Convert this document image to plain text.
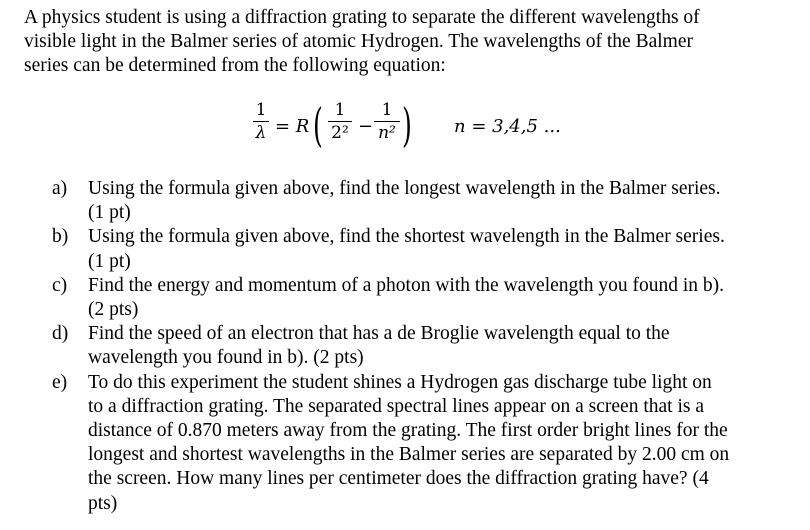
A physics student is using a diffraction grating to separate the different wavelengths of
visible light in the Balmer series of atomic Hydrogen. The wavelengths of the Balmer
series can be determined from the following equation:
1
λ = R ( 1
2² −
1
n² ) n = 3,4,5 ...
a) Using the formula given above, find the longest wavelength in the Balmer series.
(1 pt)
b) Using the formula given above, find the shortest wavelength in the Balmer series.
(1 pt)
c) Find the energy and momentum of a photon with the wavelength you found in b).
(2 pts)
d) Find the speed of an electron that has a de Broglie wavelength equal to the
wavelength you found in b). (2 pts)
e) To do this experiment the student shines a Hydrogen gas discharge tube light on
to a diffraction grating. The separated spectral lines appear on a screen that is a
distance of 0.870 meters away from the grating. The first order bright lines for the
longest and shortest wavelengths in the Balmer series are separated by 2.00 cm on
the screen. How many lines per centimeter does the diffraction grating have? (4
pts)
